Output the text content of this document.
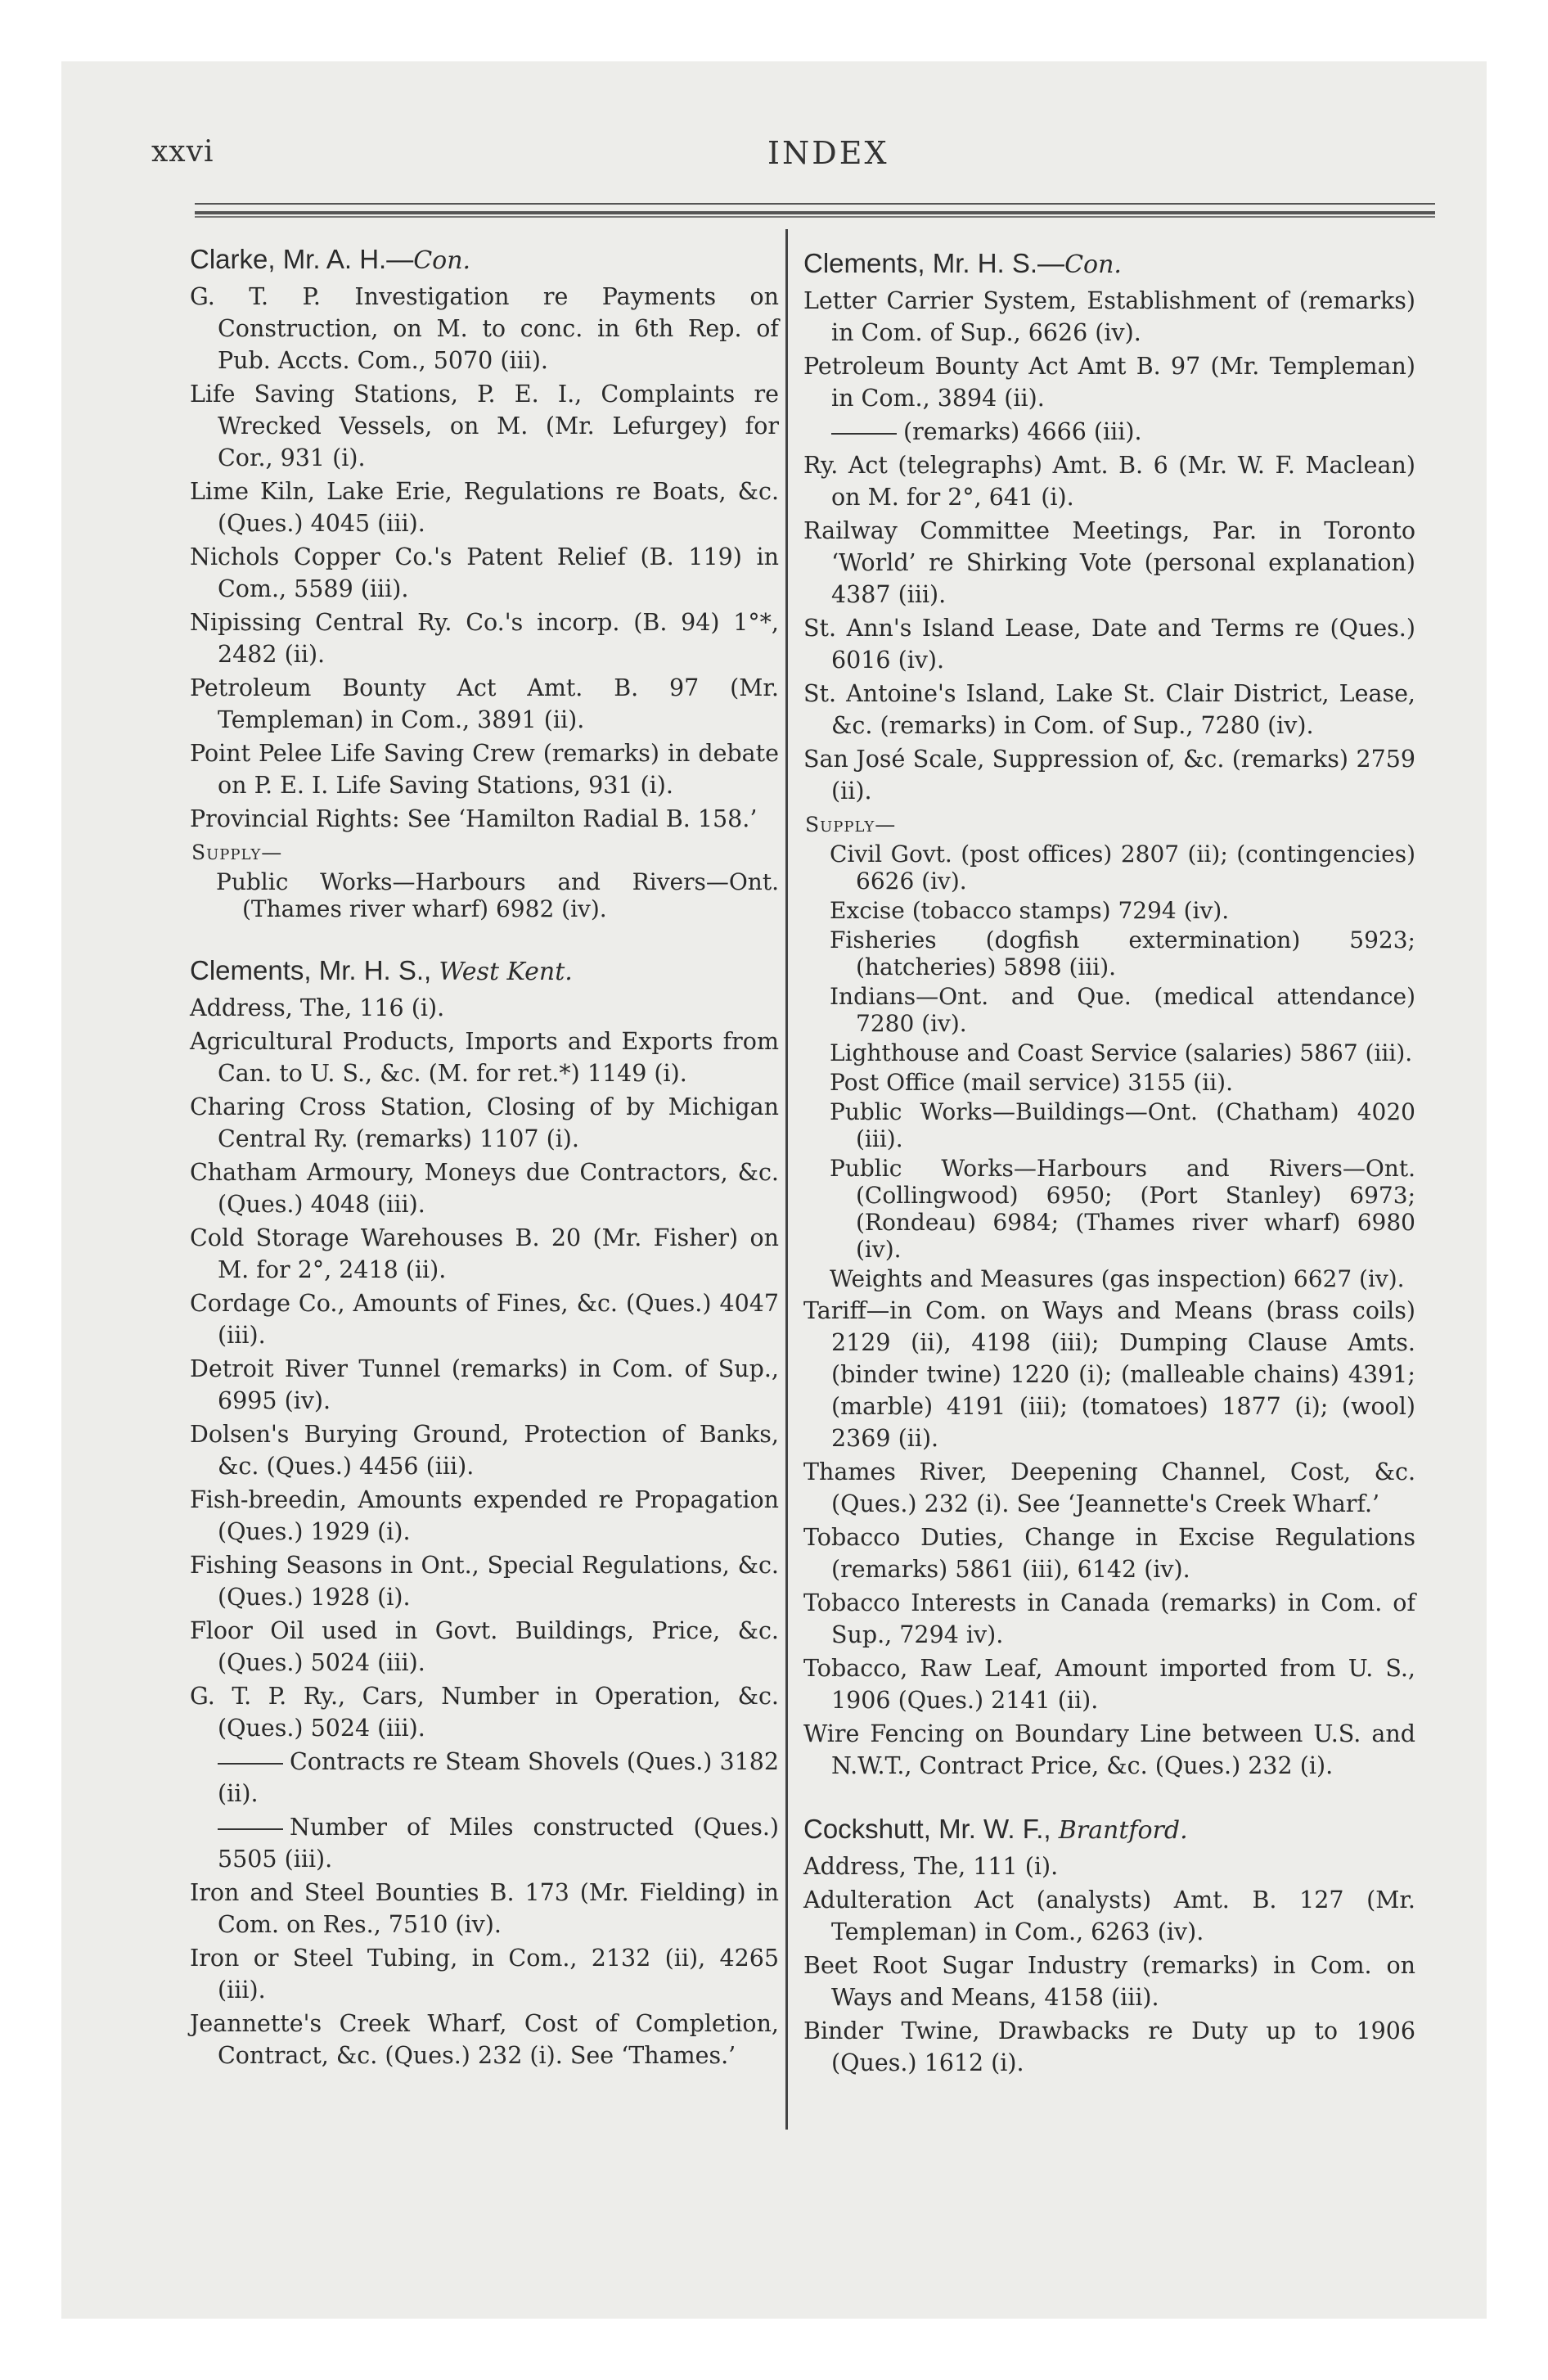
xxvi	INDEX

Clarke, Mr. A. H.—Con.

G. T. P. Investigation re Payments on Construction, on M. to conc. in 6th Rep. of Pub. Accts. Com., 5070 (iii).

Life Saving Stations, P. E. I., Complaints re Wrecked Vessels, on M. (Mr. Lefurgey) for Cor., 931 (i).

Lime Kiln, Lake Erie, Regulations re Boats, &c. (Ques.) 4045 (iii).

Nichols Copper Co.'s Patent Relief (B. 119) in Com., 5589 (iii).

Nipissing Central Ry. Co.'s incorp. (B. 94) 1°*, 2482 (ii).

Petroleum Bounty Act Amt. B. 97 (Mr. Templeman) in Com., 3891 (ii).

Point Pelee Life Saving Crew (remarks) in debate on P. E. I. Life Saving Stations, 931 (i).

Provincial Rights: See ‘Hamilton Radial B. 158.’

Supply—

Public Works—Harbours and Rivers—Ont. (Thames river wharf) 6982 (iv).

Clements, Mr. H. S., West Kent.

Address, The, 116 (i).

Agricultural Products, Imports and Exports from Can. to U. S., &c. (M. for ret.*) 1149 (i).

Charing Cross Station, Closing of by Michigan Central Ry. (remarks) 1107 (i).

Chatham Armoury, Moneys due Contractors, &c. (Ques.) 4048 (iii).

Cold Storage Warehouses B. 20 (Mr. Fisher) on M. for 2°, 2418 (ii).

Cordage Co., Amounts of Fines, &c. (Ques.) 4047 (iii).

Detroit River Tunnel (remarks) in Com. of Sup., 6995 (iv).

Dolsen's Burying Ground, Protection of Banks, &c. (Ques.) 4456 (iii).

Fish-breedin, Amounts expended re Propagation (Ques.) 1929 (i).

Fishing Seasons in Ont., Special Regulations, &c. (Ques.) 1928 (i).

Floor Oil used in Govt. Buildings, Price, &c. (Ques.) 5024 (iii).

G. T. P. Ry., Cars, Number in Operation, &c. (Ques.) 5024 (iii).

Contracts re Steam Shovels (Ques.) 3182 (ii).

Number of Miles constructed (Ques.) 5505 (iii).

Iron and Steel Bounties B. 173 (Mr. Fielding) in Com. on Res., 7510 (iv).

Iron or Steel Tubing, in Com., 2132 (ii), 4265 (iii).

Jeannette's Creek Wharf, Cost of Completion, Contract, &c. (Ques.) 232 (i). See ‘Thames.’

Clements, Mr. H. S.—Con.

Letter Carrier System, Establishment of (remarks) in Com. of Sup., 6626 (iv).

Petroleum Bounty Act Amt B. 97 (Mr. Templeman) in Com., 3894 (ii).

(remarks) 4666 (iii).

Ry. Act (telegraphs) Amt. B. 6 (Mr. W. F. Maclean) on M. for 2°, 641 (i).

Railway Committee Meetings, Par. in Toronto ‘World’ re Shirking Vote (personal explanation) 4387 (iii).

St. Ann's Island Lease, Date and Terms re (Ques.) 6016 (iv).

St. Antoine's Island, Lake St. Clair District, Lease, &c. (remarks) in Com. of Sup., 7280 (iv).

San José Scale, Suppression of, &c. (remarks) 2759 (ii).

Supply—

Civil Govt. (post offices) 2807 (ii); (contingencies) 6626 (iv).

Excise (tobacco stamps) 7294 (iv).

Fisheries (dogfish extermination) 5923; (hatcheries) 5898 (iii).

Indians—Ont. and Que. (medical attendance) 7280 (iv).

Lighthouse and Coast Service (salaries) 5867 (iii).

Post Office (mail service) 3155 (ii).

Public Works—Buildings—Ont. (Chatham) 4020 (iii).

Public Works—Harbours and Rivers—Ont. (Collingwood) 6950; (Port Stanley) 6973; (Rondeau) 6984; (Thames river wharf) 6980 (iv).

Weights and Measures (gas inspection) 6627 (iv).

Tariff—in Com. on Ways and Means (brass coils) 2129 (ii), 4198 (iii); Dumping Clause Amts. (binder twine) 1220 (i); (malleable chains) 4391; (marble) 4191 (iii); (tomatoes) 1877 (i); (wool) 2369 (ii).

Thames River, Deepening Channel, Cost, &c. (Ques.) 232 (i). See ‘Jeannette's Creek Wharf.’

Tobacco Duties, Change in Excise Regulations (remarks) 5861 (iii), 6142 (iv).

Tobacco Interests in Canada (remarks) in Com. of Sup., 7294 iv).

Tobacco, Raw Leaf, Amount imported from U. S., 1906 (Ques.) 2141 (ii).

Wire Fencing on Boundary Line between U.S. and N.W.T., Contract Price, &c. (Ques.) 232 (i).

Cockshutt, Mr. W. F., Brantford.

Address, The, 111 (i).

Adulteration Act (analysts) Amt. B. 127 (Mr. Templeman) in Com., 6263 (iv).

Beet Root Sugar Industry (remarks) in Com. on Ways and Means, 4158 (iii).

Binder Twine, Drawbacks re Duty up to 1906 (Ques.) 1612 (i).
